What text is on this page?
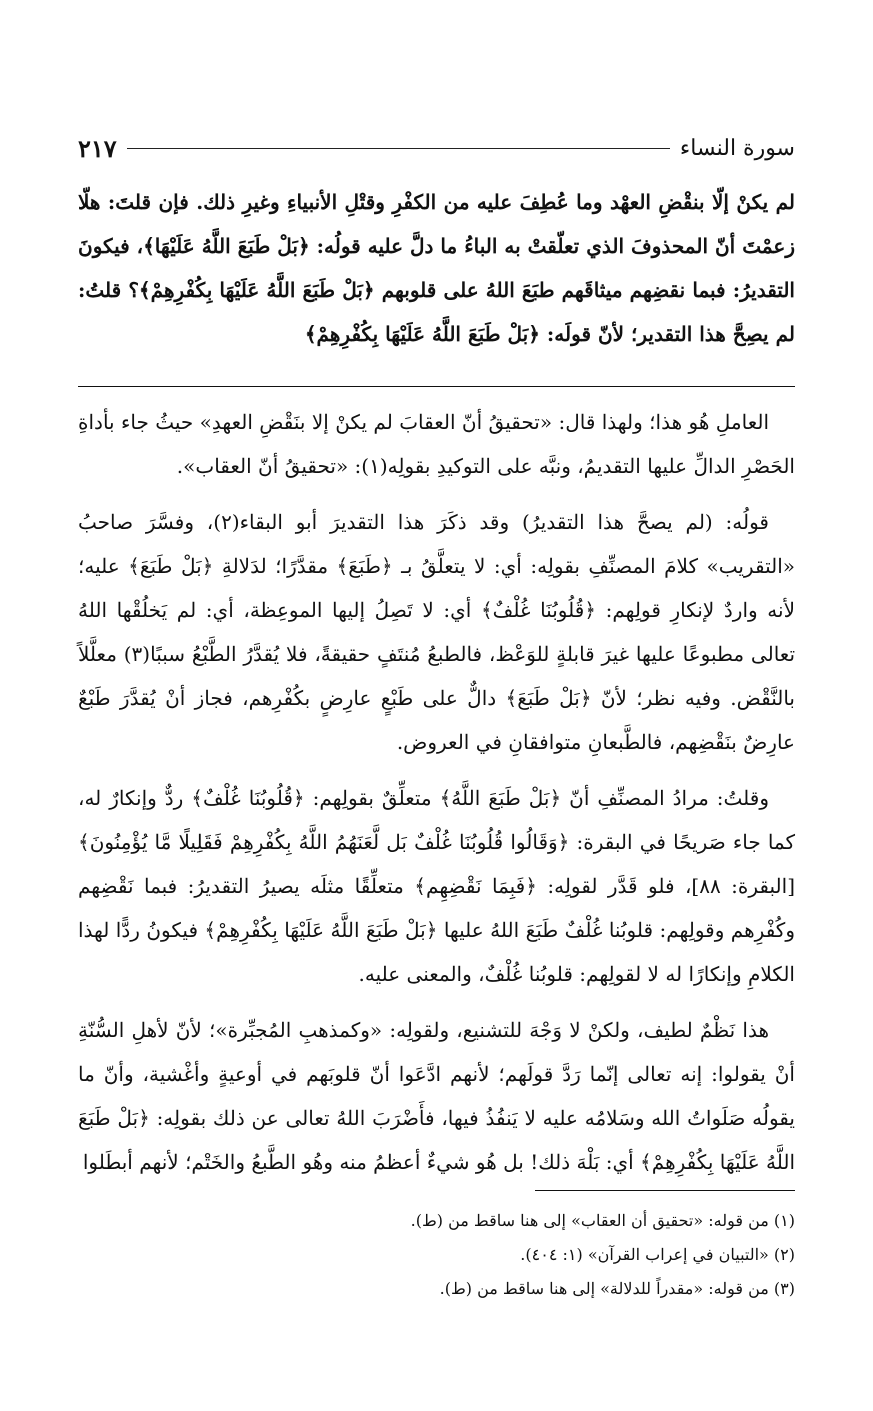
سورة النساء
٢١٧
لم يكنْ إلّا بنقْضِ العهْد وما عُطِفَ عليه من الكفْرِ وقتْلِ الأنبياءِ وغيرِ ذلك. فإن قلتَ: هلّا زعمْتَ أنّ المحذوفَ الذي تعلّقتْ به الباءُ ما دلَّ عليه قولُه: ﴿بَلْ طَبَعَ اللَّهُ عَلَيْهَا﴾، فيكونَ التقديرُ: فبما نقضِهم ميثاقَهم طبَعَ اللهُ على قلوبهم ﴿بَلْ طَبَعَ اللَّهُ عَلَيْهَا بِكُفْرِهِمْ﴾؟ قلتُ: لم يصِحَّ هذا التقدير؛ لأنّ قولَه: ﴿بَلْ طَبَعَ اللَّهُ عَلَيْهَا بِكُفْرِهِمْ﴾

العاملِ هُو هذا؛ ولهذا قال: «تحقيقُ أنّ العقابَ لم يكنْ إلا بنَقْضِ العهدِ» حيثُ جاء بأداةِ الحَصْرِ الدالِّ عليها التقديمُ، ونبَّه على التوكيدِ بقولِه(١): «تحقيقُ أنّ العقاب».

قولُه: (لم يصحَّ هذا التقديرُ) وقد ذكَرَ هذا التقديرَ أبو البقاء(٢)، وفسَّرَ صاحبُ «التقريب» كلامَ المصنِّفِ بقولِه: أي: لا يتعلَّقُ بـ ﴿طَبَعَ﴾ مقدَّرًا؛ لدَلالةِ ﴿بَلْ طَبَعَ﴾ عليه؛ لأنه واردٌ لإنكارِ قولِهم: ﴿قُلُوبُنَا غُلْفٌ﴾ أي: لا تَصِلُ إليها الموعِظة، أي: لم يَخلُقْها اللهُ تعالى مطبوعًا عليها غيرَ قابلةٍ للوَعْظ، فالطبعُ مُنتَفٍ حقيقةً، فلا يُقدَّرُ الطَّبْعُ سببًا(٣) معلَّلاً بالنَّقْض. وفيه نظر؛ لأنّ ﴿بَلْ طَبَعَ﴾ دالٌّ على طَبْعٍ عارِضٍ بكُفْرِهم، فجاز أنْ يُقدَّرَ طَبْعٌ عارِضٌ بنَقْضِهم، فالطَّبعانِ متوافقانِ في العروض.

وقلتُ: مرادُ المصنِّفِ أنّ ﴿بَلْ طَبَعَ اللَّهُ﴾ متعلِّقٌ بقولِهم: ﴿قُلُوبُنَا غُلْفٌ﴾ ردٌّ وإنكارٌ له، كما جاء صَريحًا في البقرة: ﴿وَقَالُوا قُلُوبُنَا غُلْفٌ بَل لَّعَنَهُمُ اللَّهُ بِكُفْرِهِمْ فَقَلِيلًا مَّا يُؤْمِنُونَ﴾ [البقرة: ٨٨]، فلو قَدَّر لقولِه: ﴿فَبِمَا نَقْضِهِم﴾ متعلِّقًا مثلَه يصيرُ التقديرُ: فبما نَقْضِهم وكُفْرِهم وقولِهم: قلوبُنا غُلْفٌ طَبَعَ اللهُ عليها ﴿بَلْ طَبَعَ اللَّهُ عَلَيْهَا بِكُفْرِهِمْ﴾ فيكونُ ردًّا لهذا الكلامِ وإنكارًا له لا لقولِهم: قلوبُنا غُلْفٌ، والمعنى عليه.

هذا نَظْمٌ لطيف، ولكنْ لا وَجْهَ للتشنيع، ولقولِه: «وكمذهبِ المُجبِّرة»؛ لأنّ لأهلِ السُّنّةِ أنْ يقولوا: إنه تعالى إنّما رَدَّ قولَهم؛ لأنهم ادَّعَوا أنّ قلوبَهم في أوعيةٍ وأغْشية، وأنّ ما يقولُه صَلَواتُ الله وسَلامُه عليه لا يَنفُذُ فيها، فأَضْرَبَ اللهُ تعالى عن ذلك بقولِه: ﴿بَلْ طَبَعَ اللَّهُ عَلَيْهَا بِكُفْرِهِمْ﴾ أي: بَلْهَ ذلك! بل هُو شيءٌ أعظمُ منه وهُو الطَّبعُ والخَتْم؛ لأنهم أبطَلوا

(١) من قوله: «تحقيق أن العقاب» إلى هنا ساقط من (ط).
(٢) «التبيان في إعراب القرآن» (١: ٤٠٤).
(٣) من قوله: «مقدراً للدلالة» إلى هنا ساقط من (ط).
